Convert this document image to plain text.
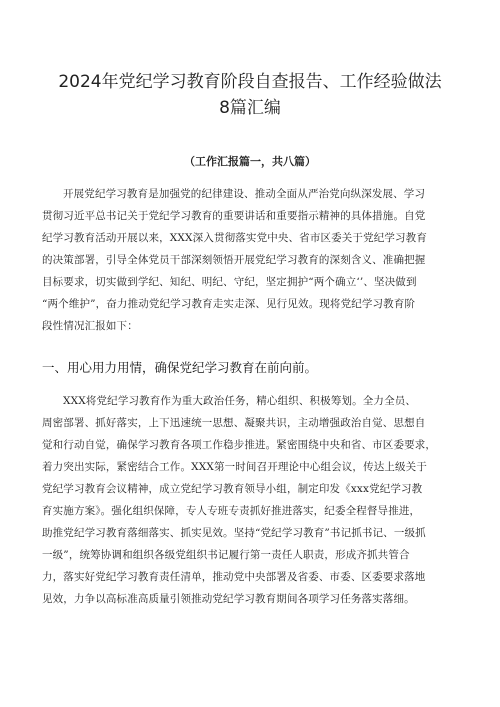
2024年党纪学习教育阶段自查报告、工作经验做法
8篇汇编
（工作汇报篇一，共八篇）
开展党纪学习教育是加强党的纪律建设、推动全面从严治党向纵深发展、学习
贯彻习近平总书记关于党纪学习教育的重要讲话和重要指示精神的具体措施。自党
纪学习教育活动开展以来，XXX深入贯彻落实党中央、省市区委关于党纪学习教育
的决策部署，引导全体党员干部深刻领悟开展党纪学习教育的深刻含义、准确把握
目标要求，切实做到学纪、知纪、明纪、守纪，坚定拥护“两个确立‘’、坚决做到
“两个维护”，奋力推动党纪学习教育走实走深、见行见效。现将党纪学习教育阶
段性情况汇报如下：
一、用心用力用情，确保党纪学习教育在前向前。
XXX将党纪学习教育作为重大政治任务，精心组织、积极筹划。全力全员、
周密部署、抓好落实，上下迅速统一思想、凝聚共识，主动增强政治自觉、思想自
觉和行动自觉，确保学习教育各项工作稳步推进。紧密围绕中央和省、市区委要求，
着力突出实际，紧密结合工作。XXX第一时间召开理论中心组会议，传达上级关于
党纪学习教育会议精神，成立党纪学习教育领导小组，制定印发《xxx党纪学习教
育实施方案》。强化组织保障，专人专班专责抓好推进落实，纪委全程督导推进，
助推党纪学习教育落细落实、抓实见效。坚持“党纪学习教育”书记抓书记、一级抓
一级”，统筹协调和组织各级党组织书记履行第一责任人职责，形成齐抓共管合
力，落实好党纪学习教育责任清单，推动党中央部署及省委、市委、区委要求落地
见效，力争以高标准高质量引领推动党纪学习教育期间各项学习任务落实落细。
